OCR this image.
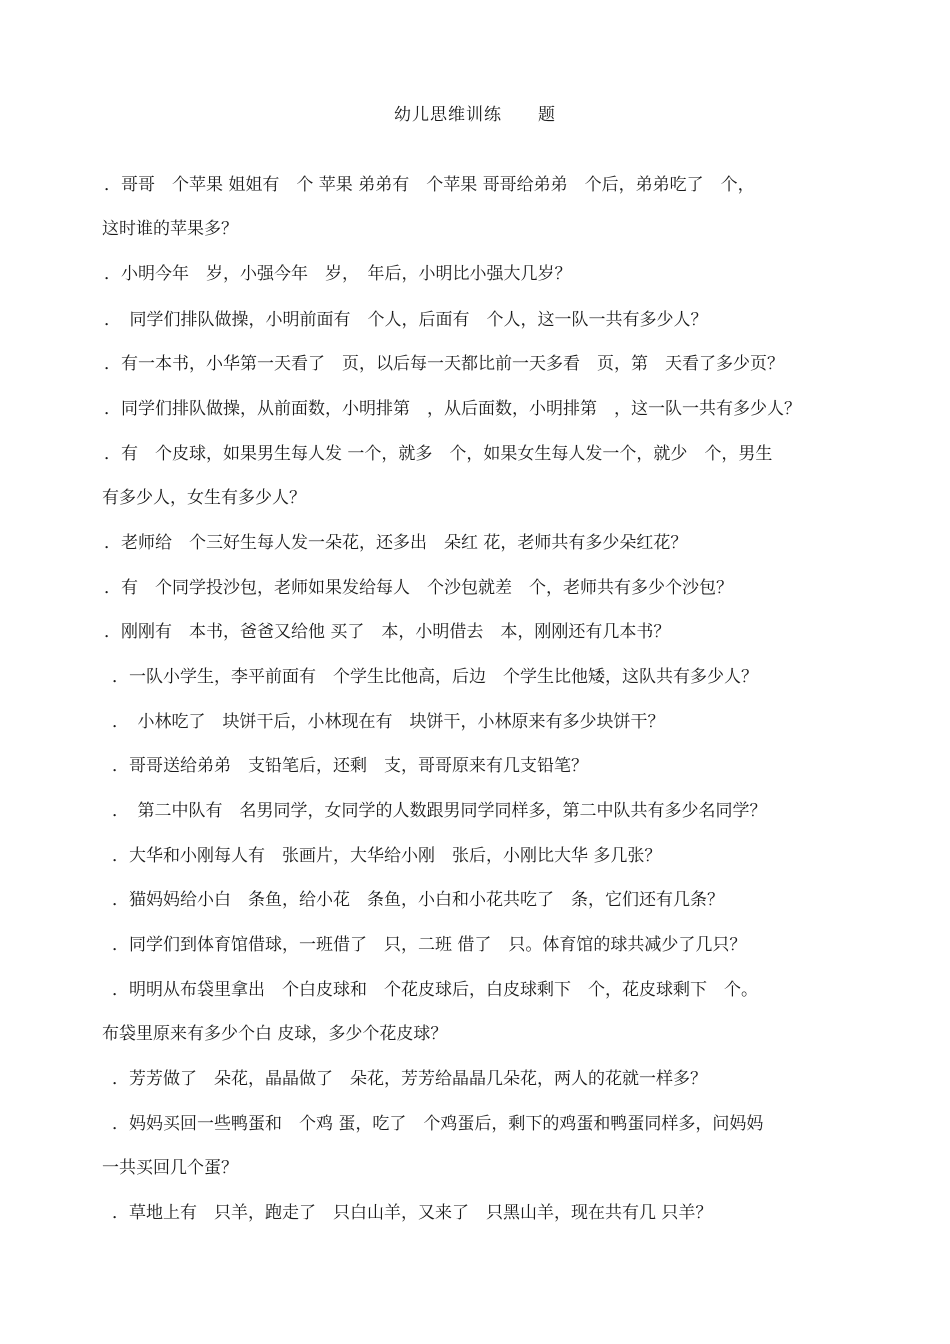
幼儿思维训练　　题
．哥哥　个苹果 姐姐有　个 苹果 弟弟有　个苹果 哥哥给弟弟　个后，弟弟吃了　个，
这时谁的苹果多？
．小明今年　岁，小强今年　岁，　年后，小明比小强大几岁？
．　同学们排队做操，小明前面有　个人，后面有　个人，这一队一共有多少人？
．有一本书，小华第一天看了　页，以后每一天都比前一天多看　页，第　天看了多少页？
．同学们排队做操，从前面数，小明排第　，从后面数，小明排第　，这一队一共有多少人？
．有　个皮球，如果男生每人发 一个，就多　个，如果女生每人发一个，就少　个，男生
有多少人，女生有多少人？
．老师给　个三好生每人发一朵花，还多出　朵红 花，老师共有多少朵红花？
．有　个同学投沙包，老师如果发给每人　个沙包就差　个，老师共有多少个沙包？
．刚刚有　本书，爸爸又给他 买了　本，小明借去　本，刚刚还有几本书？
．一队小学生，李平前面有　个学生比他高，后边　个学生比他矮，这队共有多少人？
．　小林吃了　块饼干后，小林现在有　块饼干，小林原来有多少块饼干？
．哥哥送给弟弟　支铅笔后，还剩　支，哥哥原来有几支铅笔？
．　第二中队有　名男同学，女同学的人数跟男同学同样多，第二中队共有多少名同学？
．大华和小刚每人有　张画片，大华给小刚　张后，小刚比大华 多几张？
．猫妈妈给小白　条鱼，给小花　条鱼，小白和小花共吃了　条，它们还有几条？
．同学们到体育馆借球，一班借了　只，二班 借了　只。体育馆的球共减少了几只？
．明明从布袋里拿出　个白皮球和　个花皮球后，白皮球剩下　个，花皮球剩下　个。
布袋里原来有多少个白 皮球，多少个花皮球？
．芳芳做了　朵花，晶晶做了　朵花，芳芳给晶晶几朵花，两人的花就一样多？
．妈妈买回一些鸭蛋和　个鸡 蛋，吃了　个鸡蛋后，剩下的鸡蛋和鸭蛋同样多，问妈妈
一共买回几个蛋？
．草地上有　只羊，跑走了　只白山羊，又来了　只黑山羊，现在共有几 只羊？
